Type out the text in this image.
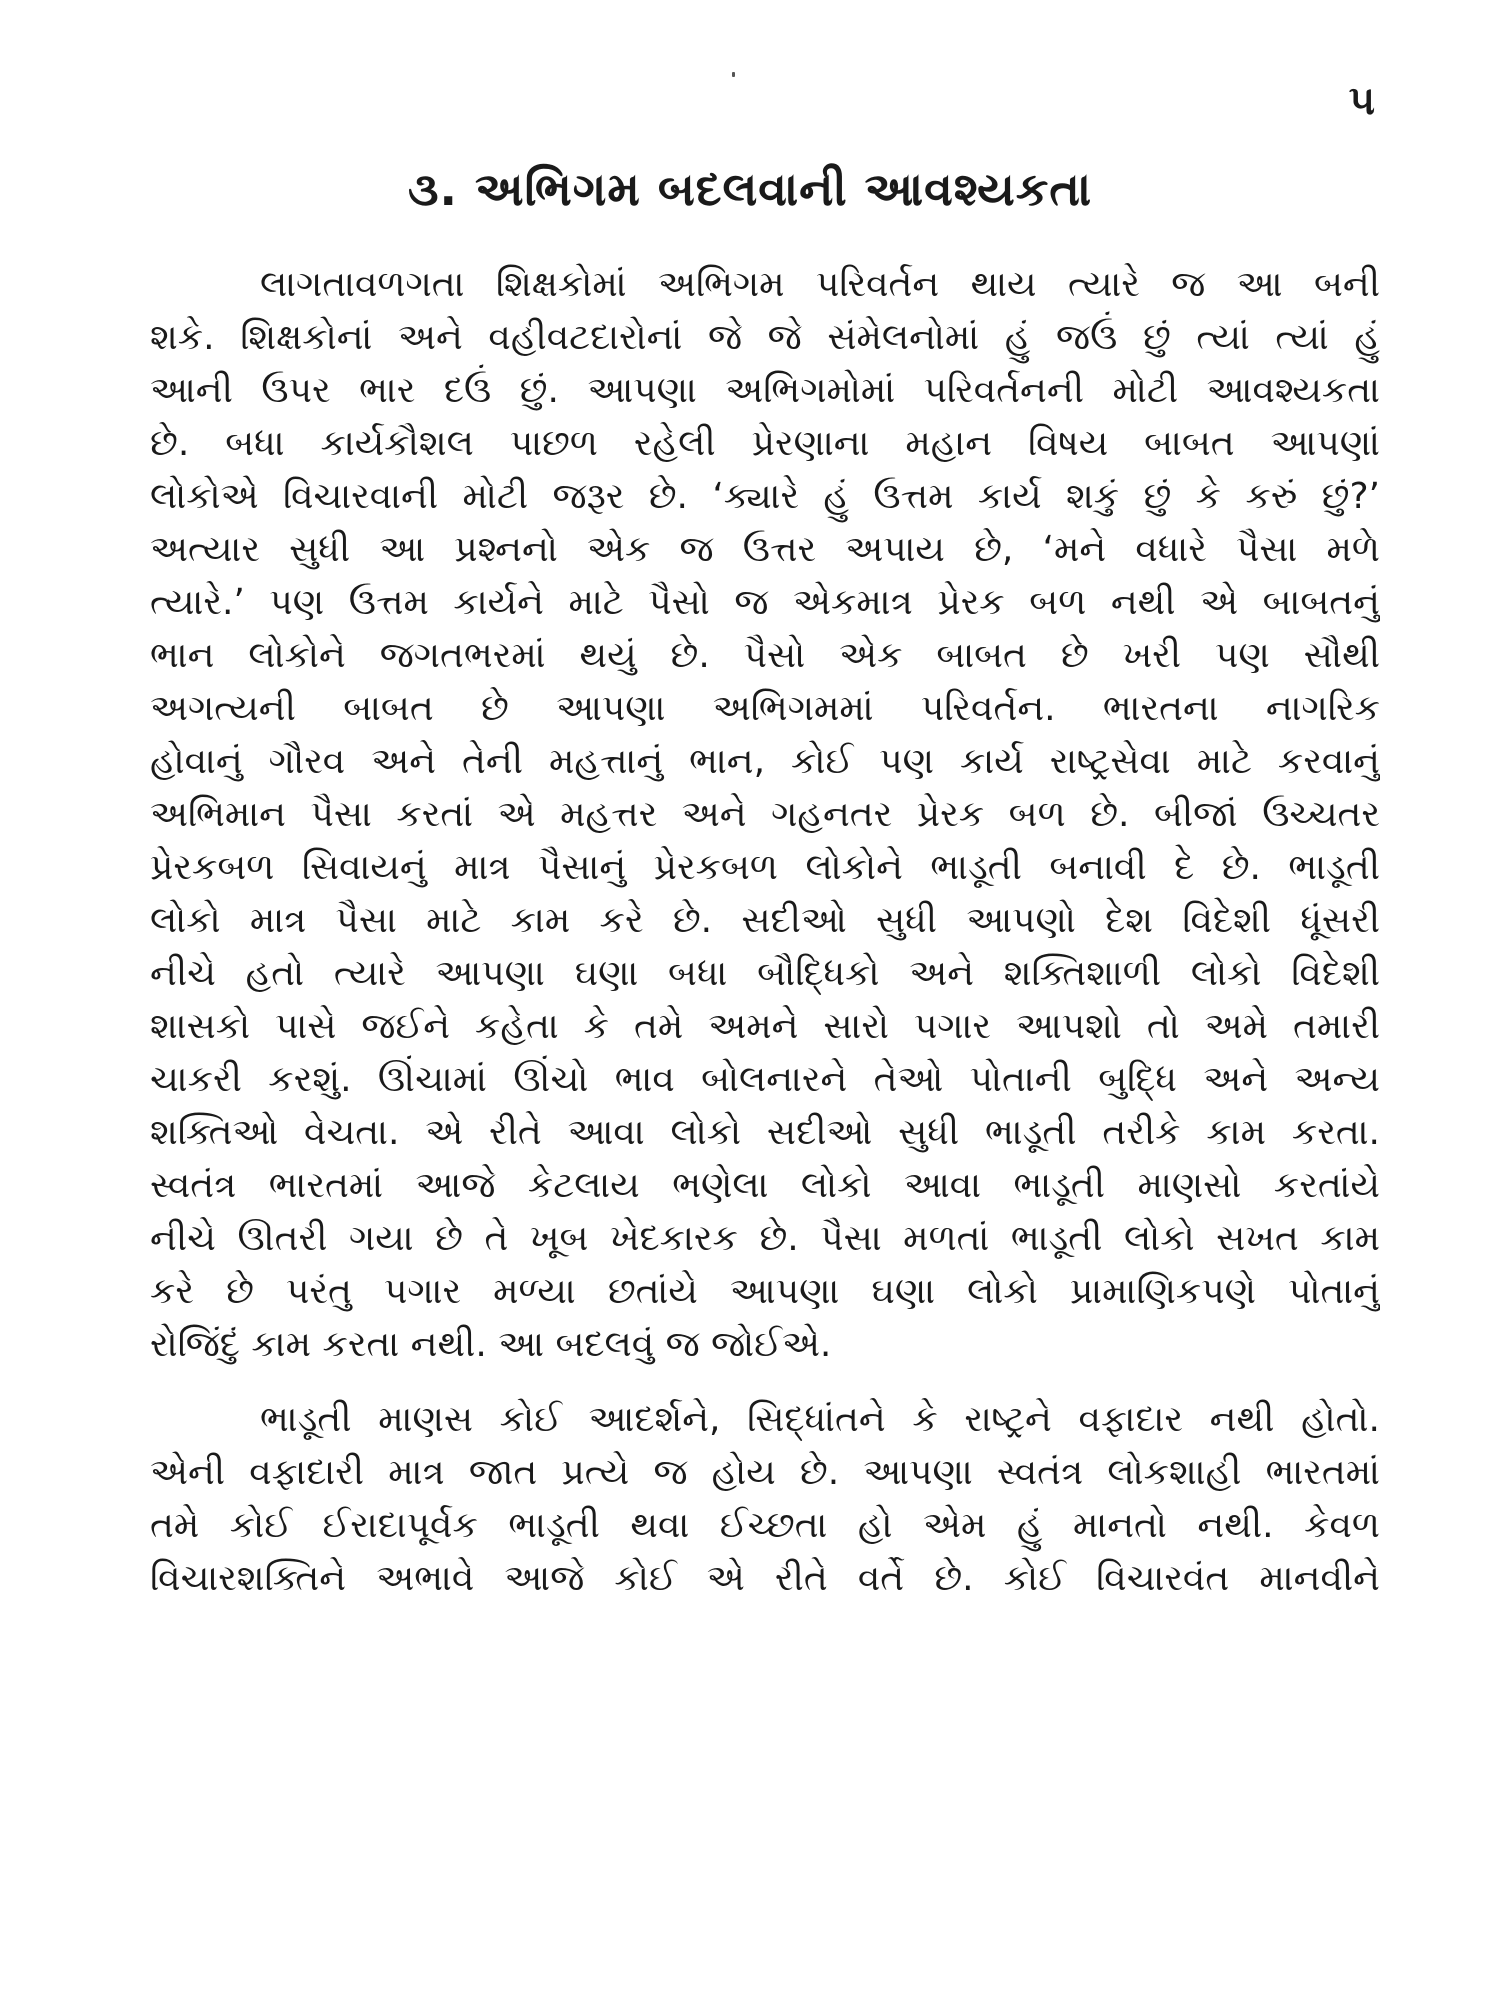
૫
૩. અભિગમ બદલવાની આવશ્યકતા
લાગતાવળગતા શિક્ષકોમાં અભિગમ પરિવર્તન થાય ત્યારે જ આ બની
શકે. શિક્ષકોનાં અને વહીવટદારોનાં જે જે સંમેલનોમાં હું જઉં છું ત્યાં ત્યાં હું
આની ઉપર ભાર દઉં છું. આપણા અભિગમોમાં પરિવર્તનની મોટી આવશ્યકતા
છે. બધા કાર્યકૌશલ પાછળ રહેલી પ્રેરણાના મહાન વિષય બાબત આપણાં
લોકોએ વિચારવાની મોટી જરૂર છે. ‘ક્યારે હું ઉત્તમ કાર્ય શકું છું કે કરું છું?’
અત્યાર સુધી આ પ્રશ્નનો એક જ ઉત્તર અપાય છે, ‘મને વધારે પૈસા મળે
ત્યારે.’ પણ ઉત્તમ કાર્યને માટે પૈસો જ એકમાત્ર પ્રેરક બળ નથી એ બાબતનું
ભાન લોકોને જગતભરમાં થયું છે. પૈસો એક બાબત છે ખરી પણ સૌથી
અગત્યની બાબત છે આપણા અભિગમમાં પરિવર્તન. ભારતના નાગરિક
હોવાનું ગૌરવ અને તેની મહત્તાનું ભાન, કોઈ પણ કાર્ય રાષ્ટ્રસેવા માટે કરવાનું
અભિમાન પૈસા કરતાં એ મહત્તર અને ગહનતર પ્રેરક બળ છે. બીજાં ઉચ્ચતર
પ્રેરકબળ સિવાયનું માત્ર પૈસાનું પ્રેરકબળ લોકોને ભાડૂતી બનાવી દે છે. ભાડૂતી
લોકો માત્ર પૈસા માટે કામ કરે છે. સદીઓ સુધી આપણો દેશ વિદેશી ધૂંસરી
નીચે હતો ત્યારે આપણા ઘણા બધા બૌદ્ધિકો અને શક્તિશાળી લોકો વિદેશી
શાસકો પાસે જઈને કહેતા કે તમે અમને સારો પગાર આપશો તો અમે તમારી
ચાકરી કરશું. ઊંચામાં ઊંચો ભાવ બોલનારને તેઓ પોતાની બુદ્ધિ અને અન્ય
શક્તિઓ વેચતા. એ રીતે આવા લોકો સદીઓ સુધી ભાડૂતી તરીકે કામ કરતા.
સ્વતંત્ર ભારતમાં આજે કેટલાય ભણેલા લોકો આવા ભાડૂતી માણસો કરતાંયે
નીચે ઊતરી ગયા છે તે ખૂબ ખેદકારક છે. પૈસા મળતાં ભાડૂતી લોકો સખત કામ
કરે છે પરંતુ પગાર મળ્યા છતાંયે આપણા ઘણા લોકો પ્રામાણિકપણે પોતાનું
રોજિંદું કામ કરતા નથી. આ બદલવું જ જોઈએ.
ભાડૂતી માણસ કોઈ આદર્શને, સિદ્ધાંતને કે રાષ્ટ્રને વફાદાર નથી હોતો.
એની વફાદારી માત્ર જાત પ્રત્યે જ હોય છે. આપણા સ્વતંત્ર લોકશાહી ભારતમાં
તમે કોઈ ઈરાદાપૂર્વક ભાડૂતી થવા ઈચ્છતા હો એમ હું માનતો નથી. કેવળ
વિચારશક્તિને અભાવે આજે કોઈ એ રીતે વર્તે છે. કોઈ વિચારવંત માનવીને
